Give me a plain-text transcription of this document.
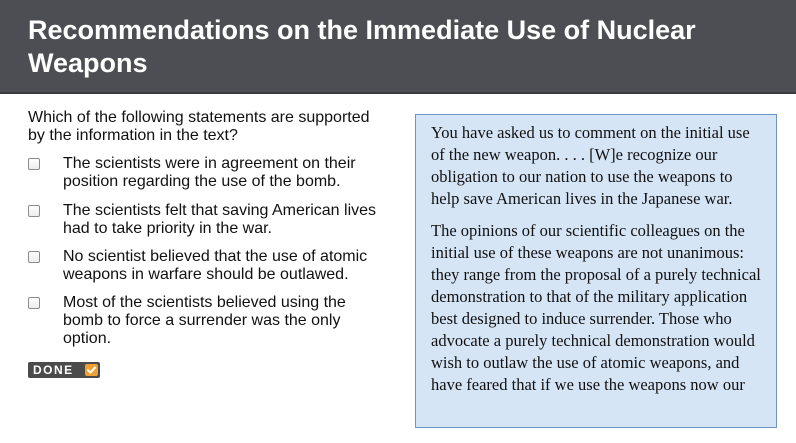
Recommendations on the Immediate Use of Nuclear Weapons
Which of the following statements are supported by the information in the text?
The scientists were in agreement on their position regarding the use of the bomb.
The scientists felt that saving American lives had to take priority in the war.
No scientist believed that the use of atomic weapons in warfare should be outlawed.
Most of the scientists believed using the bomb to force a surrender was the only option.
DONE

You have asked us to comment on the initial use of the new weapon. . . . [W]e recognize our obligation to our nation to use the weapons to help save American lives in the Japanese war.

The opinions of our scientific colleagues on the initial use of these weapons are not unanimous: they range from the proposal of a purely technical demonstration to that of the military application best designed to induce surrender. Those who advocate a purely technical demonstration would wish to outlaw the use of atomic weapons, and have feared that if we use the weapons now our
